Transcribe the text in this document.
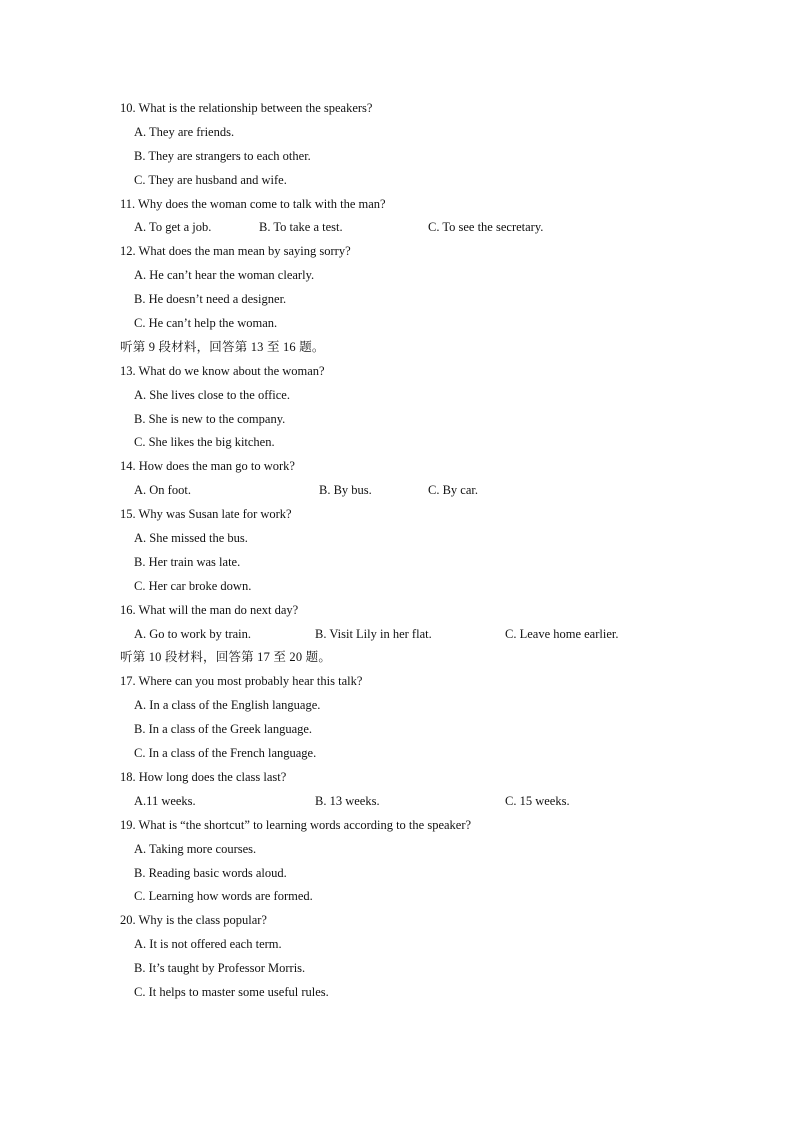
10. What is the relationship between the speakers?
A. They are friends.
B. They are strangers to each other.
C. They are husband and wife.
11. Why does the woman come to talk with the man?
A. To get a job.	B. To take a test.	C. To see the secretary.
12. What does the man mean by saying sorry?
A. He can’t hear the woman clearly.
B. He doesn’t need a designer.
C. He can’t help the woman.
听第 9 段材料，回答第 13 至 16 题。
13. What do we know about the woman?
A. She lives close to the office.
B. She is new to the company.
C. She likes the big kitchen.
14. How does the man go to work?
A. On foot.	B. By bus.	C. By car.
15. Why was Susan late for work?
A. She missed the bus.
B. Her train was late.
C. Her car broke down.
16. What will the man do next day?
A. Go to work by train.	B. Visit Lily in her flat.	C. Leave home earlier.
听第 10 段材料，回答第 17 至 20 题。
17. Where can you most probably hear this talk?
A. In a class of the English language.
B. In a class of the Greek language.
C. In a class of the French language.
18. How long does the class last?
A.11 weeks.	B. 13 weeks.	C. 15 weeks.
19. What is “the shortcut” to learning words according to the speaker?
A. Taking more courses.
B. Reading basic words aloud.
C. Learning how words are formed.
20. Why is the class popular?
A. It is not offered each term.
B. It’s taught by Professor Morris.
C. It helps to master some useful rules.
